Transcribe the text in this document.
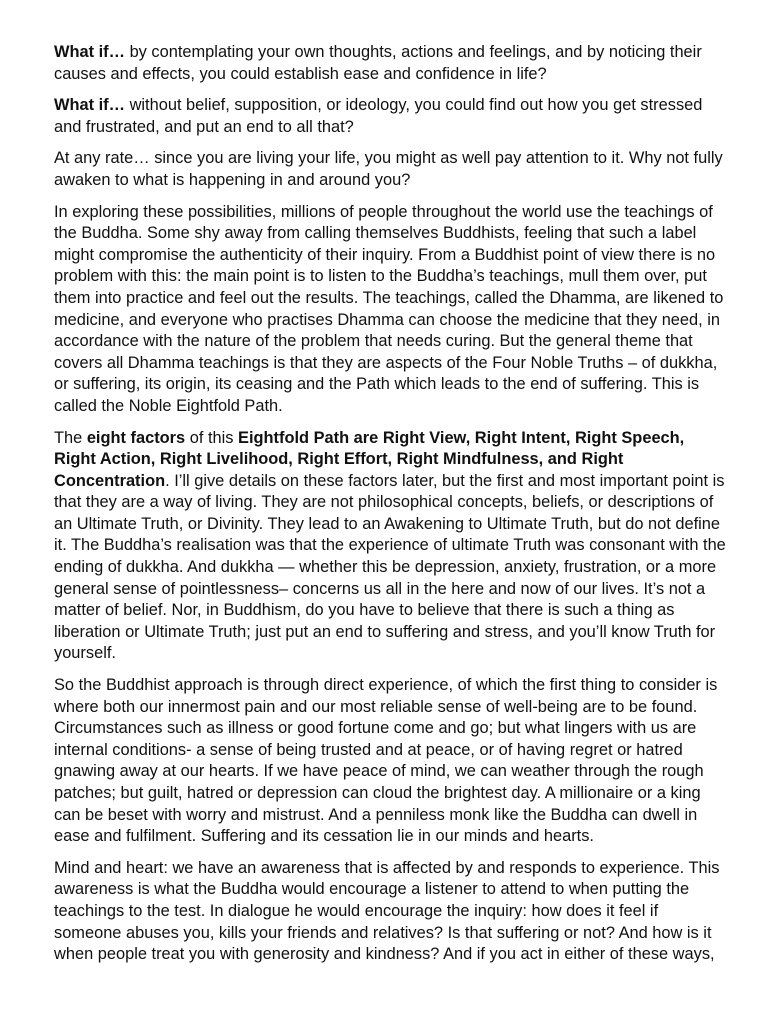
What if… by contemplating your own thoughts, actions and feelings, and by noticing their causes and effects, you could establish ease and confidence in life?

What if… without belief, supposition, or ideology, you could find out how you get stressed and frustrated, and put an end to all that?

At any rate… since you are living your life, you might as well pay attention to it. Why not fully awaken to what is happening in and around you?

In exploring these possibilities, millions of people throughout the world use the teachings of the Buddha. Some shy away from calling themselves Buddhists, feeling that such a label might compromise the authenticity of their inquiry. From a Buddhist point of view there is no problem with this: the main point is to listen to the Buddha’s teachings, mull them over, put them into practice and feel out the results. The teachings, called the Dhamma, are likened to medicine, and everyone who practises Dhamma can choose the medicine that they need, in accordance with the nature of the problem that needs curing. But the general theme that covers all Dhamma teachings is that they are aspects of the Four Noble Truths – of dukkha, or suffering, its origin, its ceasing and the Path which leads to the end of suffering. This is called the Noble Eightfold Path.

The eight factors of this Eightfold Path are Right View, Right Intent, Right Speech, Right Action, Right Livelihood, Right Effort, Right Mindfulness, and Right Concentration. I’ll give details on these factors later, but the first and most important point is that they are a way of living. They are not philosophical concepts, beliefs, or descriptions of an Ultimate Truth, or Divinity. They lead to an Awakening to Ultimate Truth, but do not define it. The Buddha’s realisation was that the experience of ultimate Truth was consonant with the ending of dukkha. And dukkha — whether this be depression, anxiety, frustration, or a more general sense of pointlessness– concerns us all in the here and now of our lives. It’s not a matter of belief. Nor, in Buddhism, do you have to believe that there is such a thing as liberation or Ultimate Truth; just put an end to suffering and stress, and you’ll know Truth for yourself.

So the Buddhist approach is through direct experience, of which the first thing to consider is where both our innermost pain and our most reliable sense of well-being are to be found. Circumstances such as illness or good fortune come and go; but what lingers with us are internal conditions- a sense of being trusted and at peace, or of having regret or hatred gnawing away at our hearts. If we have peace of mind, we can weather through the rough patches; but guilt, hatred or depression can cloud the brightest day. A millionaire or a king can be beset with worry and mistrust. And a penniless monk like the Buddha can dwell in ease and fulfilment. Suffering and its cessation lie in our minds and hearts.

Mind and heart: we have an awareness that is affected by and responds to experience. This awareness is what the Buddha would encourage a listener to attend to when putting the teachings to the test. In dialogue he would encourage the inquiry: how does it feel if someone abuses you, kills your friends and relatives? Is that suffering or not? And how is it when people treat you with generosity and kindness? And if you act in either of these ways,
